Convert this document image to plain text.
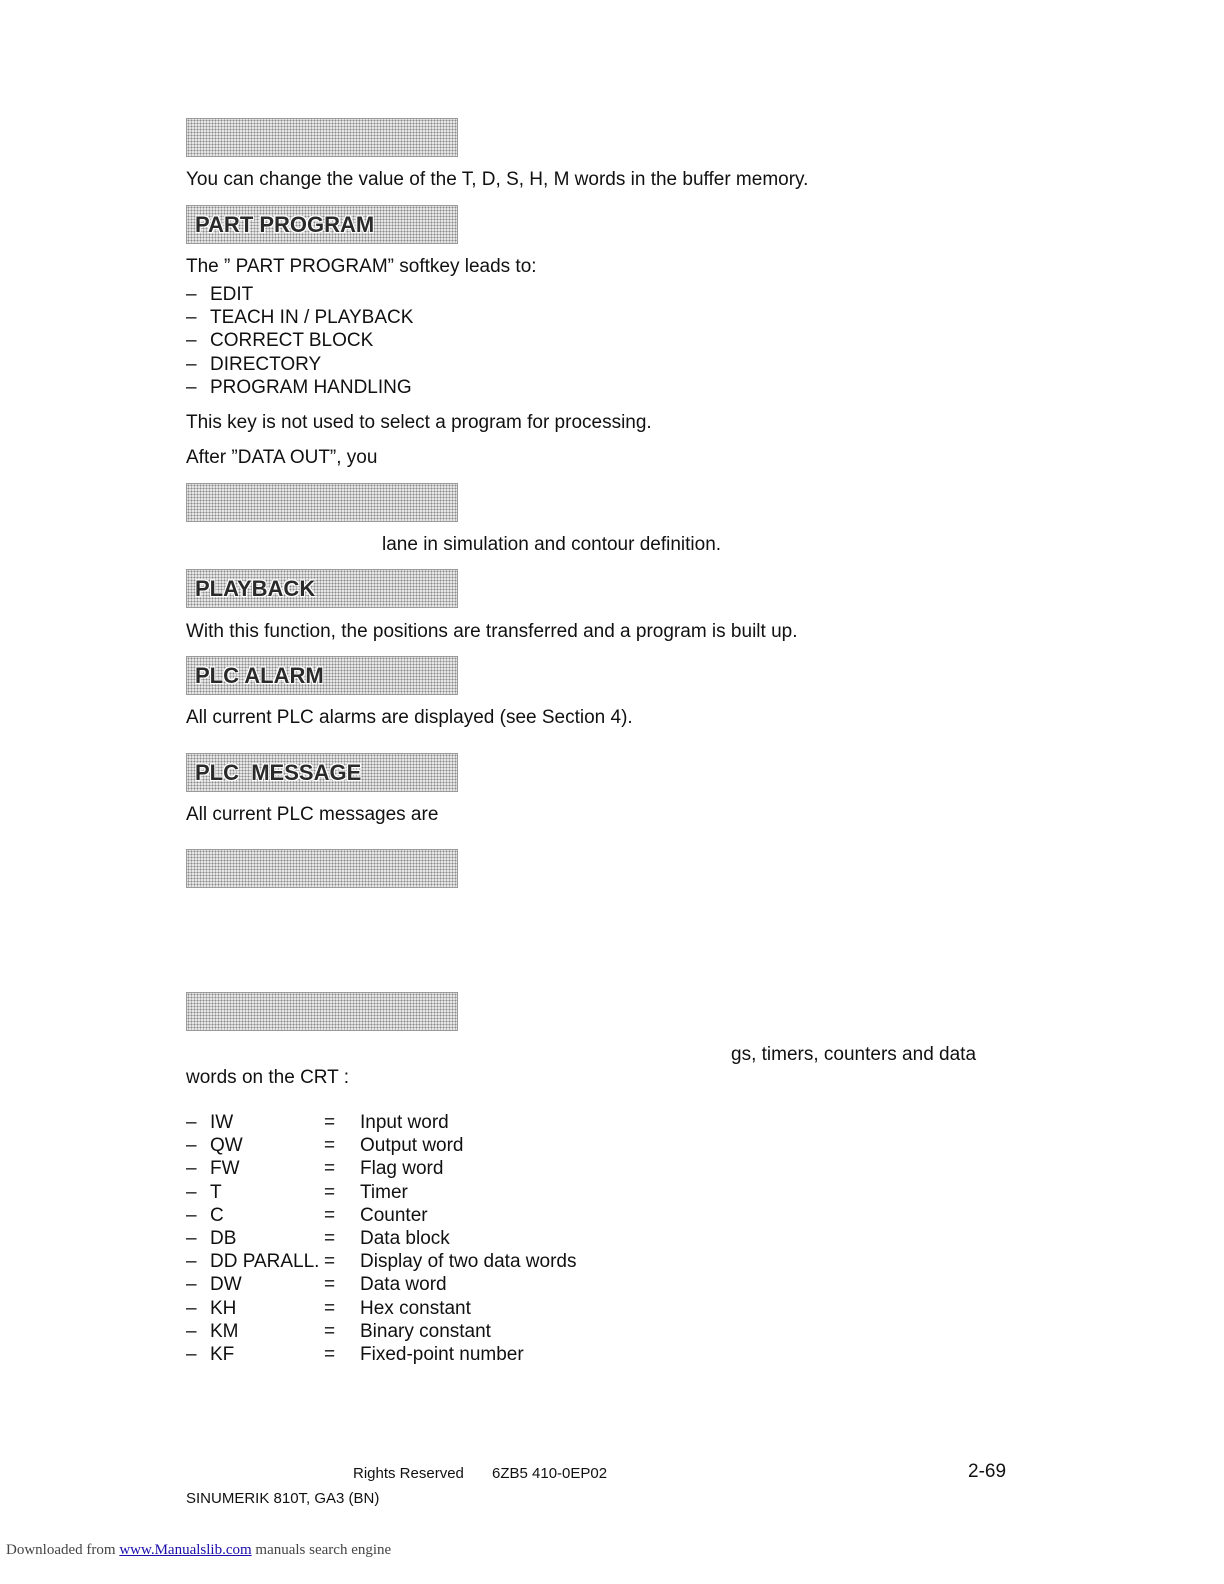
You can change the value of the T, D, S, H, M words in the buffer memory.
PART PROGRAM
The ” PART PROGRAM” softkey leads to:
– EDIT
– TEACH IN / PLAYBACK
– CORRECT BLOCK
– DIRECTORY
– PROGRAM HANDLING
This key is not used to select a program for processing.
After ”DATA OUT”, you
lane in simulation and contour definition.
PLAYBACK
With this function, the positions are transferred and a program is built up.
PLC ALARM
All current PLC alarms are displayed (see Section 4).
PLC  MESSAGE
All current PLC messages are
gs, timers, counters and data
words on the CRT :
– IW	= Input word
– QW	= Output word
– FW	= Flag word
– T	= Timer
– C	= Counter
– DB	= Data block
– DD PARALL. = Display of two data words
– DW	= Data word
– KH	= Hex constant
– KM	= Binary constant
– KF	= Fixed-point number
Rights Reserved 6ZB5 410-0EP02	2-69
SINUMERIK 810T, GA3 (BN)
Downloaded from www.Manualslib.com manuals search engine
